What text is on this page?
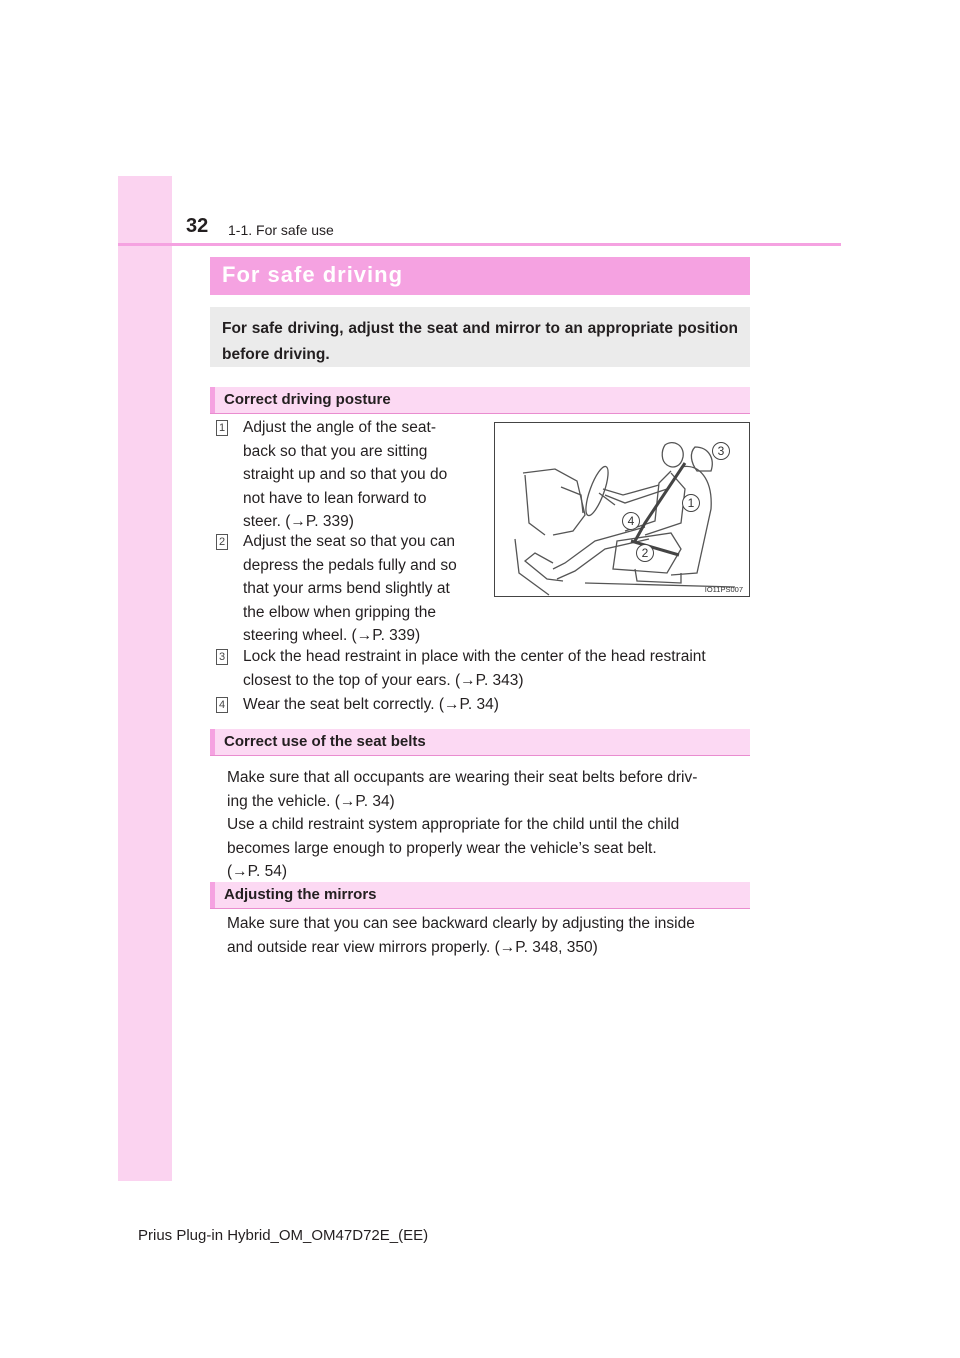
32 1-1. For safe use
For safe driving
For safe driving, adjust the seat and mirror to an appropriate position before driving.
Correct driving posture
1 Adjust the angle of the seat-
back so that you are sitting
straight up and so that you do
not have to lean forward to
steer. (→P. 339)
2 Adjust the seat so that you can
depress the pedals fully and so
that your arms bend slightly at
the elbow when gripping the
steering wheel. (→P. 339)
3
1
4
2
IO11PS007
3 Lock the head restraint in place with the center of the head restraint
closest to the top of your ears. (→P. 343)
4 Wear the seat belt correctly. (→P. 34)
Correct use of the seat belts
Make sure that all occupants are wearing their seat belts before driv-
ing the vehicle. (→P. 34)
Use a child restraint system appropriate for the child until the child
becomes large enough to properly wear the vehicle’s seat belt.
(→P. 54)
Adjusting the mirrors
Make sure that you can see backward clearly by adjusting the inside
and outside rear view mirrors properly. (→P. 348, 350)
Prius Plug-in Hybrid_OM_OM47D72E_(EE)
